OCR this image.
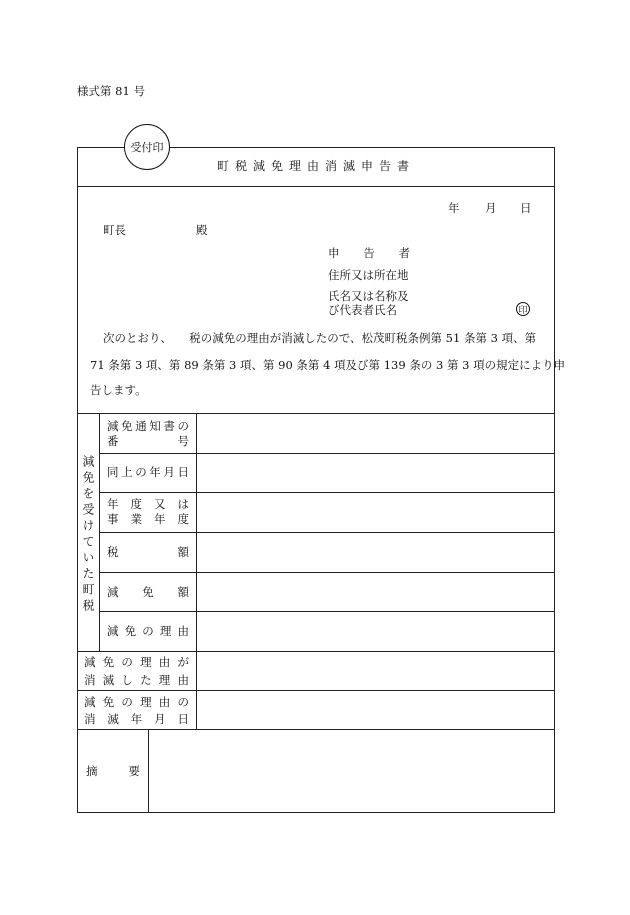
様式第 81 号
町税減免理由消滅申告書
受付印
年 月 日
町長	殿
申 告 者
住所又は所在地
氏名又は名称及
び代表者氏名	印
次のとおり、　　税の減免の理由が消滅したので、松茂町税条例第 51 条第 3 項、第
71 条第 3 項、第 89 条第 3 項、第 90 条第 4 項及び第 139 条の 3 第 3 項の規定により申
告します。
減免を受けていた町税
減 免 通 知 書 の
番	号
同 上 の 年 月 日
年 度 又 は
事 業 年 度
税	額
減 免 額
減 免 の 理 由
減 免 の 理 由 が
消 滅 し た 理 由
減 免 の 理 由 の
消 滅 年 月 日
摘	要
